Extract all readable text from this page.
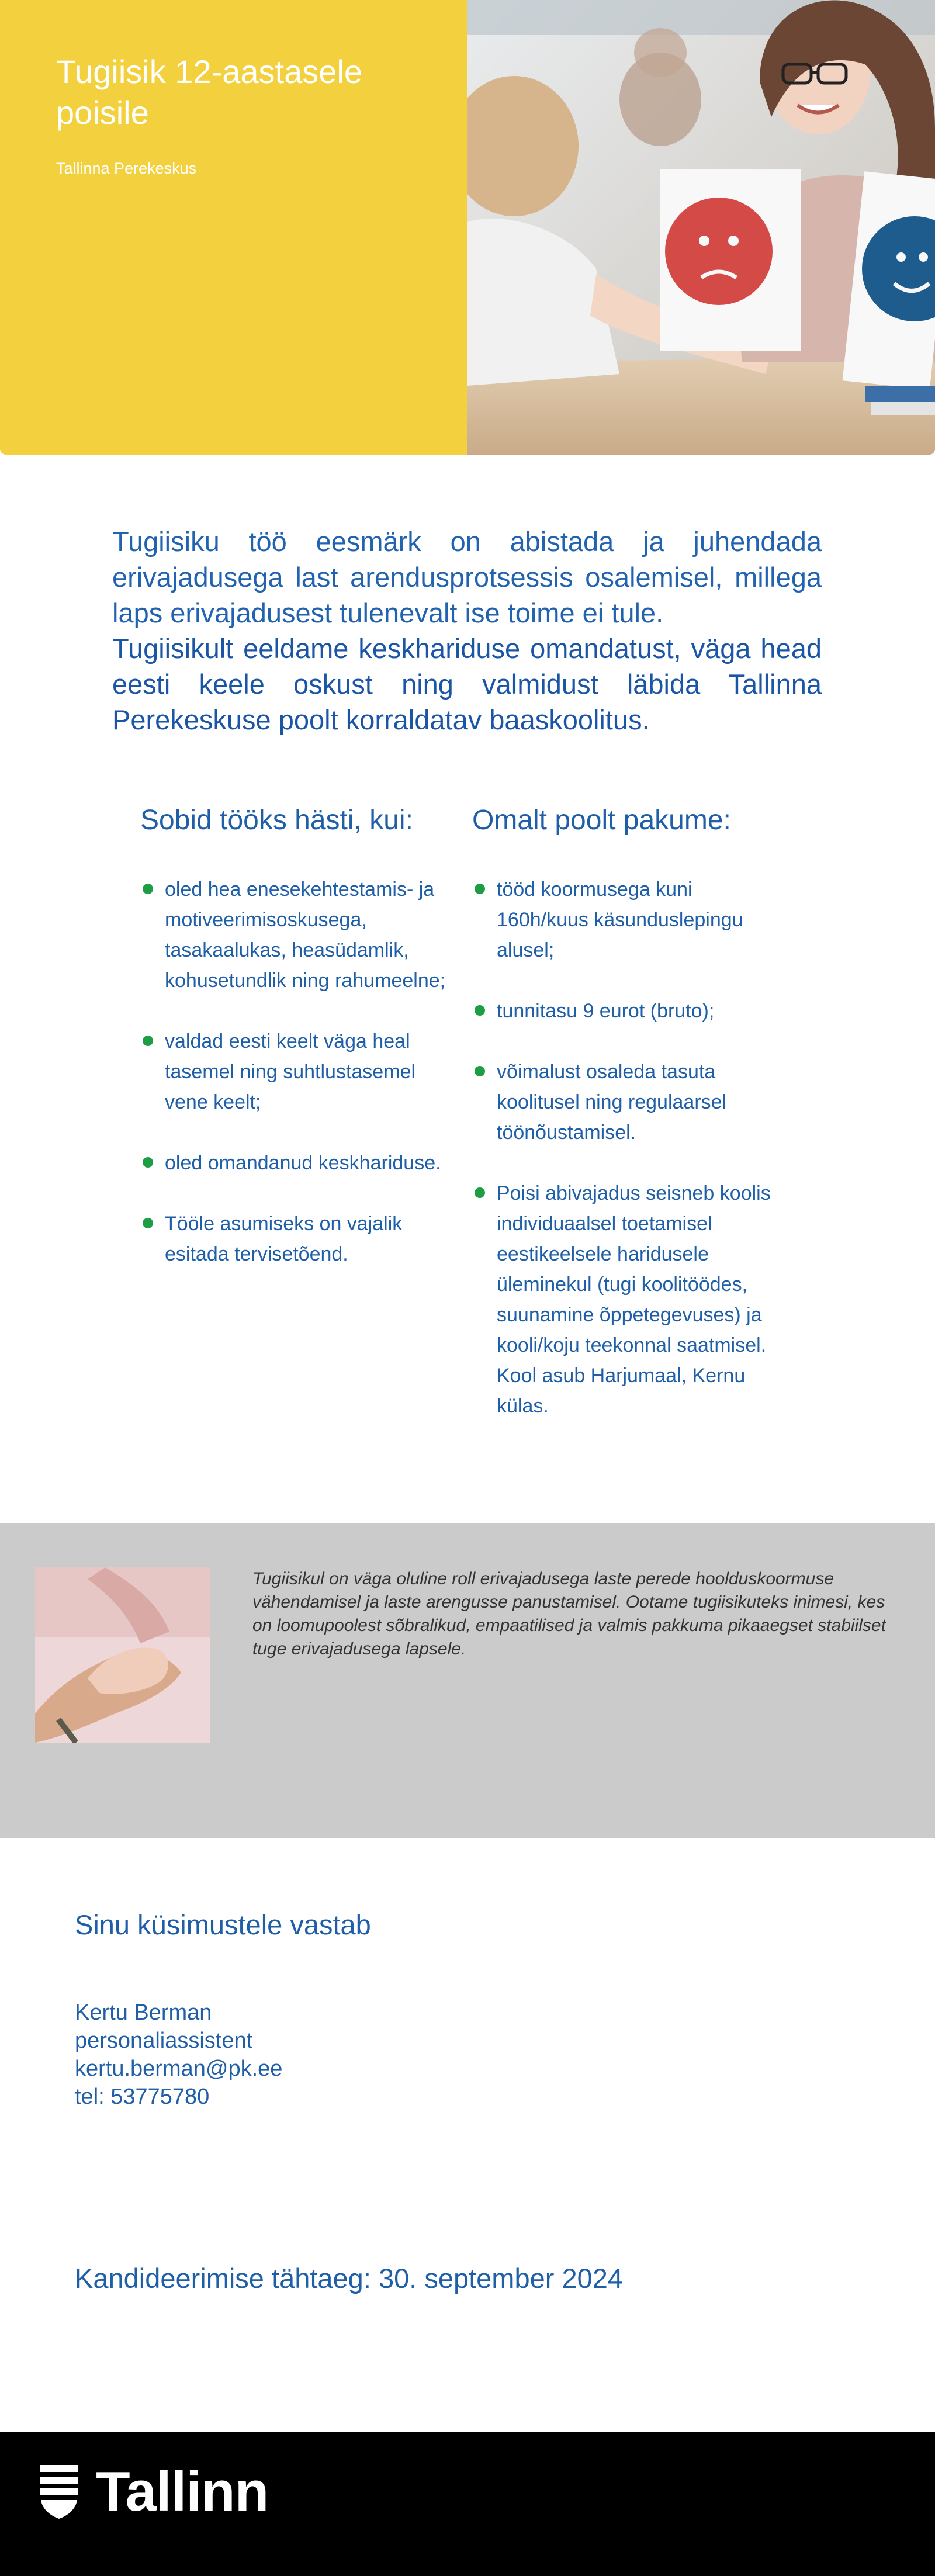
Tugiisik 12-aastasele poisile
Tallinna Perekeskus

Tugiisiku töö eesmärk on abistada ja juhendada erivajadusega last arendusprotsessis osalemisel, millega laps erivajadusest tulenevalt ise toime ei tule.

Tugiisikult eeldame keskhariduse omandatust, väga head eesti keele oskust ning valmidust läbida Tallinna Perekeskuse poolt korraldatav baaskoolitus.

Sobid tööks hästi, kui:
oled hea enesekehtestamis- ja motiveerimisoskusega, tasakaalukas, heasüdamlik, kohusetundlik ning rahumeelne;
valdad eesti keelt väga heal tasemel ning suhtlustasemel vene keelt;
oled omandanud keskhariduse.
Tööle asumiseks on vajalik esitada tervisetõend.
Omalt poolt pakume:
tööd koormusega kuni 160h/kuus käsunduslepingu alusel;
tunnitasu 9 eurot (bruto);
võimalust osaleda tasuta koolitusel ning regulaarsel töönõustamisel.
Poisi abivajadus seisneb koolis individuaalsel toetamisel eestikeelsele haridusele üleminekul (tugi koolitöödes, suunamine õppetegevuses) ja kooli/koju teekonnal saatmisel. Kool asub Harjumaal, Kernu külas.
Tugiisikul on väga oluline roll erivajadusega laste perede hoolduskoormuse vähendamisel ja laste arengusse panustamisel. Ootame tugiisikuteks inimesi, kes on loomupoolest sõbralikud, empaatilised ja valmis pakkuma pikaaegset stabiilset tuge erivajadusega lapsele.
Sinu küsimustele vastab
Kertu Berman
personaliassistent
kertu.berman@pk.ee
tel: 53775780
Kandideerimise tähtaeg: 30. september 2024
Tallinn
